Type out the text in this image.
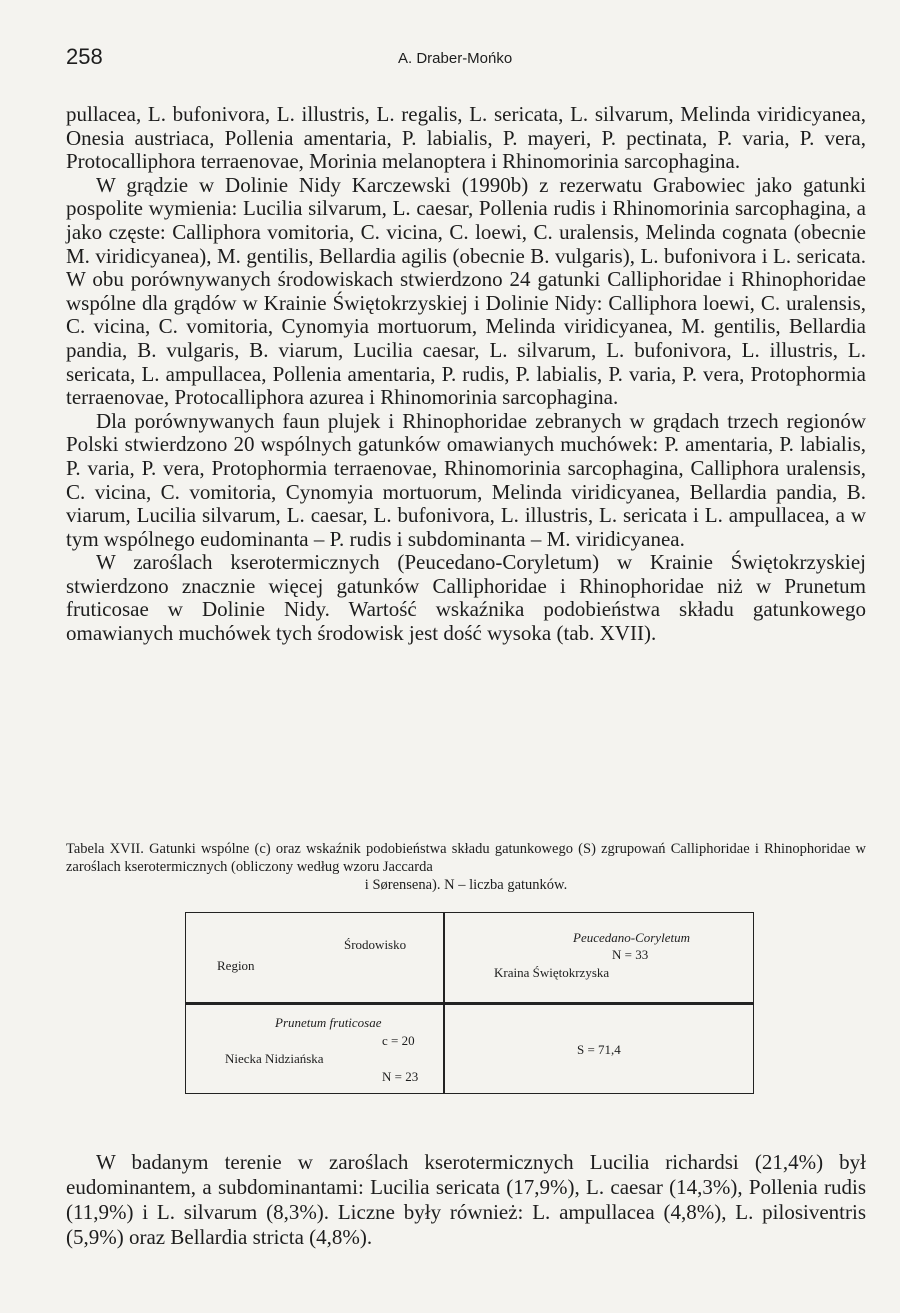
258	A. Draber-Mońko

pullacea, L. bufonivora, L. illustris, L. regalis, L. sericata, L. silvarum, Melinda viridicyanea, Onesia austriaca, Pollenia amentaria, P. labialis, P. mayeri, P. pectinata, P. varia, P. vera, Protocalliphora terraenovae, Morinia melanoptera i Rhinomorinia sarcophagina.

W grądzie w Dolinie Nidy Karczewski (1990b) z rezerwatu Grabowiec jako gatunki pospolite wymienia: Lucilia silvarum, L. caesar, Pollenia rudis i Rhinomorinia sarcophagina, a jako częste: Calliphora vomitoria, C. vicina, C. loewi, C. uralensis, Melinda cognata (obecnie M. viridicyanea), M. gentilis, Bellardia agilis (obecnie B. vulgaris), L. bufonivora i L. sericata. W obu porównywanych środowiskach stwierdzono 24 gatunki Calliphoridae i Rhinophoridae wspólne dla grądów w Krainie Świętokrzyskiej i Dolinie Nidy: Calliphora loewi, C. uralensis, C. vicina, C. vomitoria, Cynomyia mortuorum, Melinda viridicyanea, M. gentilis, Bellardia pandia, B. vulgaris, B. viarum, Lucilia caesar, L. silvarum, L. bufonivora, L. illustris, L. sericata, L. ampullacea, Pollenia amentaria, P. rudis, P. labialis, P. varia, P. vera, Protophormia terraenovae, Protocalliphora azurea i Rhinomorinia sarcophagina.

Dla porównywanych faun plujek i Rhinophoridae zebranych w grądach trzech regionów Polski stwierdzono 20 wspólnych gatunków omawianych muchówek: P. amentaria, P. labialis, P. varia, P. vera, Protophormia terraenovae, Rhinomorinia sarcophagina, Calliphora uralensis, C. vicina, C. vomitoria, Cynomyia mortuorum, Melinda viridicyanea, Bellardia pandia, B. viarum, Lucilia silvarum, L. caesar, L. bufonivora, L. illustris, L. sericata i L. ampullacea, a w tym wspólnego eudominanta – P. rudis i subdominanta – M. viridicyanea.

W zaroślach kserotermicznych (Peucedano-Coryletum) w Krainie Świętokrzyskiej stwierdzono znacznie więcej gatunków Calliphoridae i Rhinophoridae niż w Prunetum fruticosae w Dolinie Nidy. Wartość wskaźnika podobieństwa składu gatunkowego omawianych muchówek tych środowisk jest dość wysoka (tab. XVII).

Tabela XVII. Gatunki wspólne (c) oraz wskaźnik podobieństwa składu gatunkowego (S) zgrupowań Calliphoridae i Rhinophoridae w zaroślach kserotermicznych (obliczony według wzoru Jaccarda
i Sørensena). N – liczba gatunków.
Środowisko
Region
Peucedano-Coryletum
N = 33
Kraina Świętokrzyska
Prunetum fruticosae
c = 20
Niecka Nidziańska
N = 23
S = 71,4

W badanym terenie w zaroślach kserotermicznych Lucilia richardsi (21,4%) był eudominantem, a subdominantami: Lucilia sericata (17,9%), L. caesar (14,3%), Pollenia rudis (11,9%) i L. silvarum (8,3%). Liczne były również: L. ampullacea (4,8%), L. pilosiventris (5,9%) oraz Bellardia stricta (4,8%).
